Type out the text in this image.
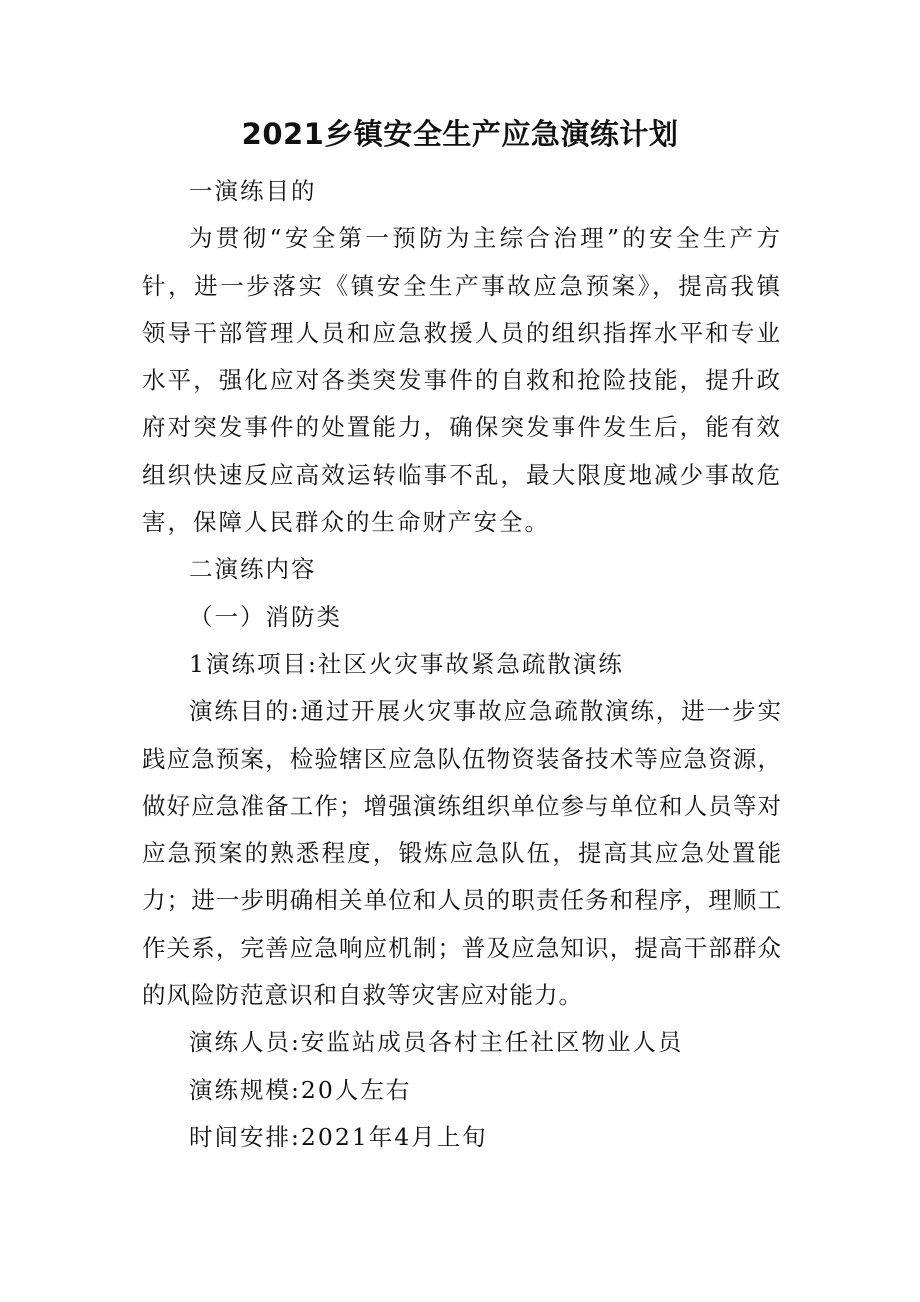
2021乡镇安全生产应急演练计划

一演练目的

为贯彻“安全第一预防为主综合治理”的安全生产方针，进一步落实《镇安全生产事故应急预案》，提高我镇领导干部管理人员和应急救援人员的组织指挥水平和专业水平，强化应对各类突发事件的自救和抢险技能，提升政府对突发事件的处置能力，确保突发事件发生后，能有效组织快速反应高效运转临事不乱，最大限度地减少事故危害，保障人民群众的生命财产安全。

二演练内容

（一）消防类

1演练项目:社区火灾事故紧急疏散演练

演练目的:通过开展火灾事故应急疏散演练，进一步实践应急预案，检验辖区应急队伍物资装备技术等应急资源，做好应急准备工作；增强演练组织单位参与单位和人员等对应急预案的熟悉程度，锻炼应急队伍，提高其应急处置能力；进一步明确相关单位和人员的职责任务和程序，理顺工作关系，完善应急响应机制；普及应急知识，提高干部群众的风险防范意识和自救等灾害应对能力。

演练人员:安监站成员各村主任社区物业人员

演练规模:20人左右

时间安排:2021年4月上旬
